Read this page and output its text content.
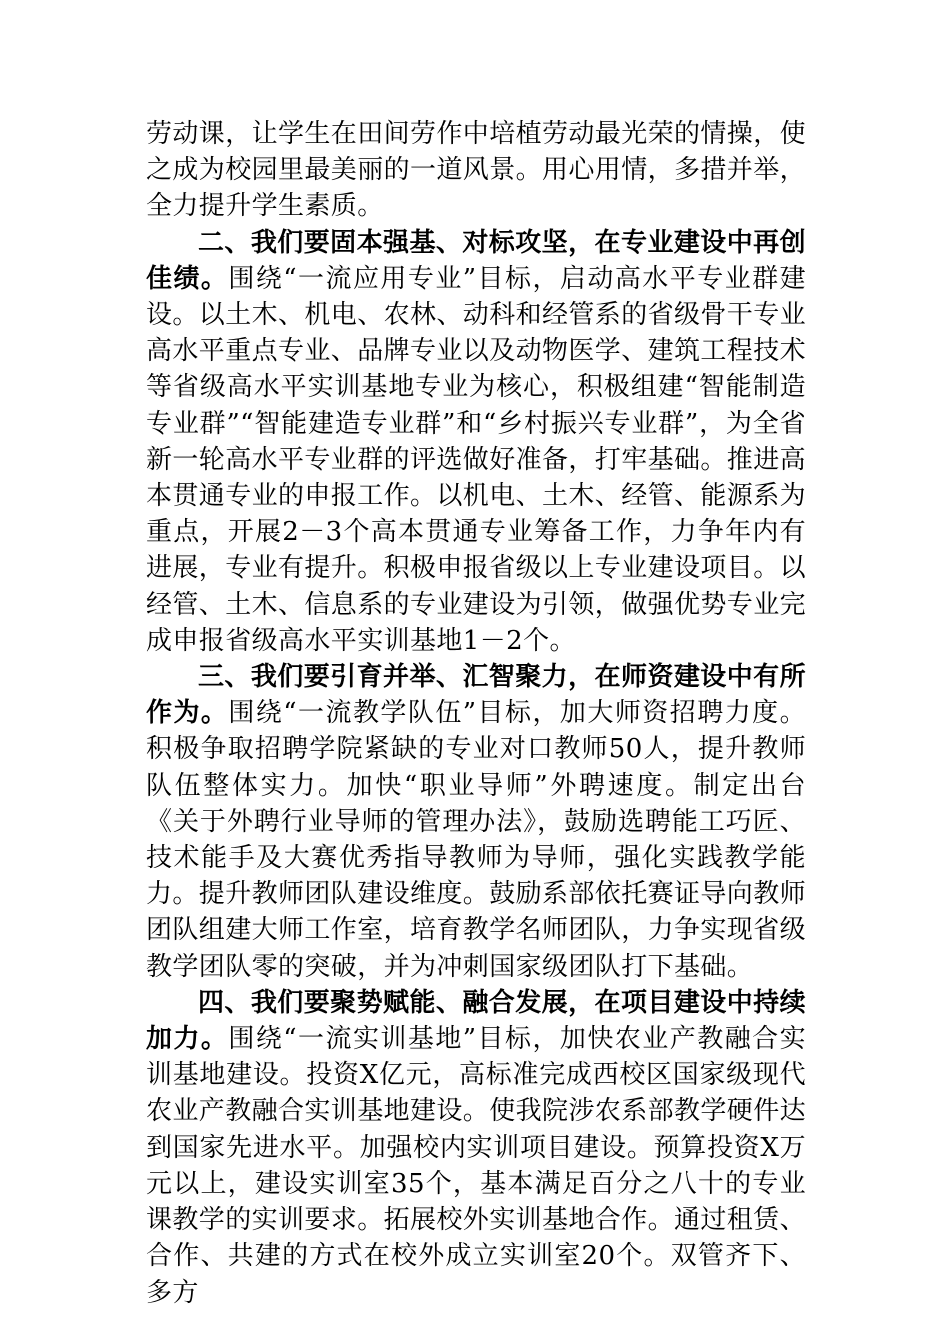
劳动课，让学生在田间劳作中培植劳动最光荣的情操，使之成为校园里最美丽的一道风景。用心用情，多措并举，全力提升学生素质。

二、我们要固本强基、对标攻坚，在专业建设中再创佳绩。围绕“一流应用专业”目标，启动高水平专业群建设。以土木、机电、农林、动科和经管系的省级骨干专业高水平重点专业、品牌专业以及动物医学、建筑工程技术等省级高水平实训基地专业为核心，积极组建“智能制造专业群”“智能建造专业群”和“乡村振兴专业群”，为全省新一轮高水平专业群的评选做好准备，打牢基础。推进高本贯通专业的申报工作。以机电、土木、经管、能源系为重点，开展2－3个高本贯通专业筹备工作，力争年内有进展，专业有提升。积极申报省级以上专业建设项目。以经管、土木、信息系的专业建设为引领，做强优势专业完成申报省级高水平实训基地1－2个。

三、我们要引育并举、汇智聚力，在师资建设中有所作为。围绕“一流教学队伍”目标，加大师资招聘力度。积极争取招聘学院紧缺的专业对口教师50人，提升教师队伍整体实力。加快“职业导师”外聘速度。制定出台《关于外聘行业导师的管理办法》，鼓励选聘能工巧匠、技术能手及大赛优秀指导教师为导师，强化实践教学能力。提升教师团队建设维度。鼓励系部依托赛证导向教师团队组建大师工作室，培育教学名师团队，力争实现省级教学团队零的突破，并为冲刺国家级团队打下基础。

四、我们要聚势赋能、融合发展，在项目建设中持续加力。围绕“一流实训基地”目标，加快农业产教融合实训基地建设。投资X亿元，高标准完成西校区国家级现代农业产教融合实训基地建设。使我院涉农系部教学硬件达到国家先进水平。加强校内实训项目建设。预算投资X万元以上，建设实训室35个，基本满足百分之八十的专业课教学的实训要求。拓展校外实训基地合作。通过租赁、合作、共建的方式在校外成立实训室20个。双管齐下、多方
